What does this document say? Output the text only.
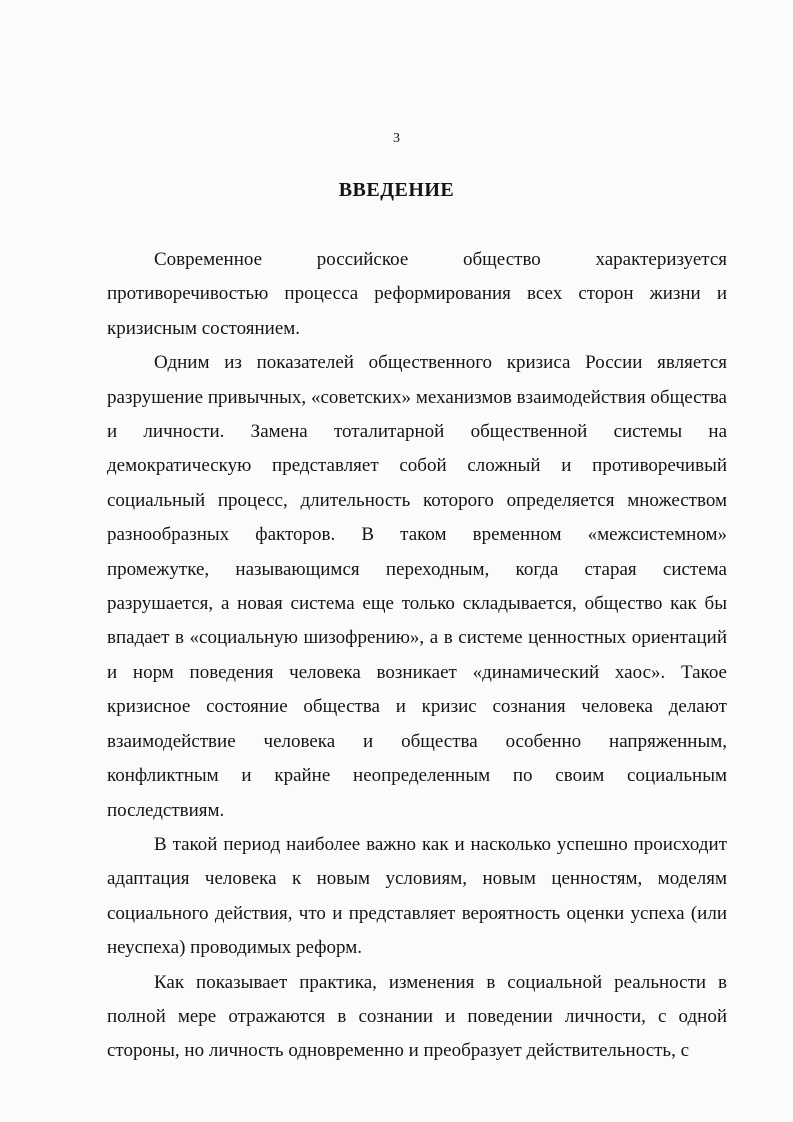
3
ВВЕДЕНИЕ

Современное российское общество характеризуется противоречивостью процесса реформирования всех сторон жизни и кризисным состоянием.

Одним из показателей общественного кризиса России является разрушение привычных, «советских» механизмов взаимодействия общества и личности. Замена тоталитарной общественной системы на демократическую представляет собой сложный и противоречивый социальный процесс, длительность которого определяется множеством разнообразных факторов. В таком временном «межсистемном» промежутке, называющимся переходным, когда старая система разрушается, а новая система еще только складывается, общество как бы впадает в «социальную шизофрению», а в системе ценностных ориентаций и норм поведения человека возникает «динамический хаос». Такое кризисное состояние общества и кризис сознания человека делают взаимодействие человека и общества особенно напряженным, конфликтным и крайне неопределенным по своим социальным последствиям.

В такой период наиболее важно как и насколько успешно происходит адаптация человека к новым условиям, новым ценностям, моделям социального действия, что и представляет вероятность оценки успеха (или неуспеха) проводимых реформ.

Как показывает практика, изменения в социальной реальности в полной мере отражаются в сознании и поведении личности, с одной стороны, но личность одновременно и преобразует действительность, с
